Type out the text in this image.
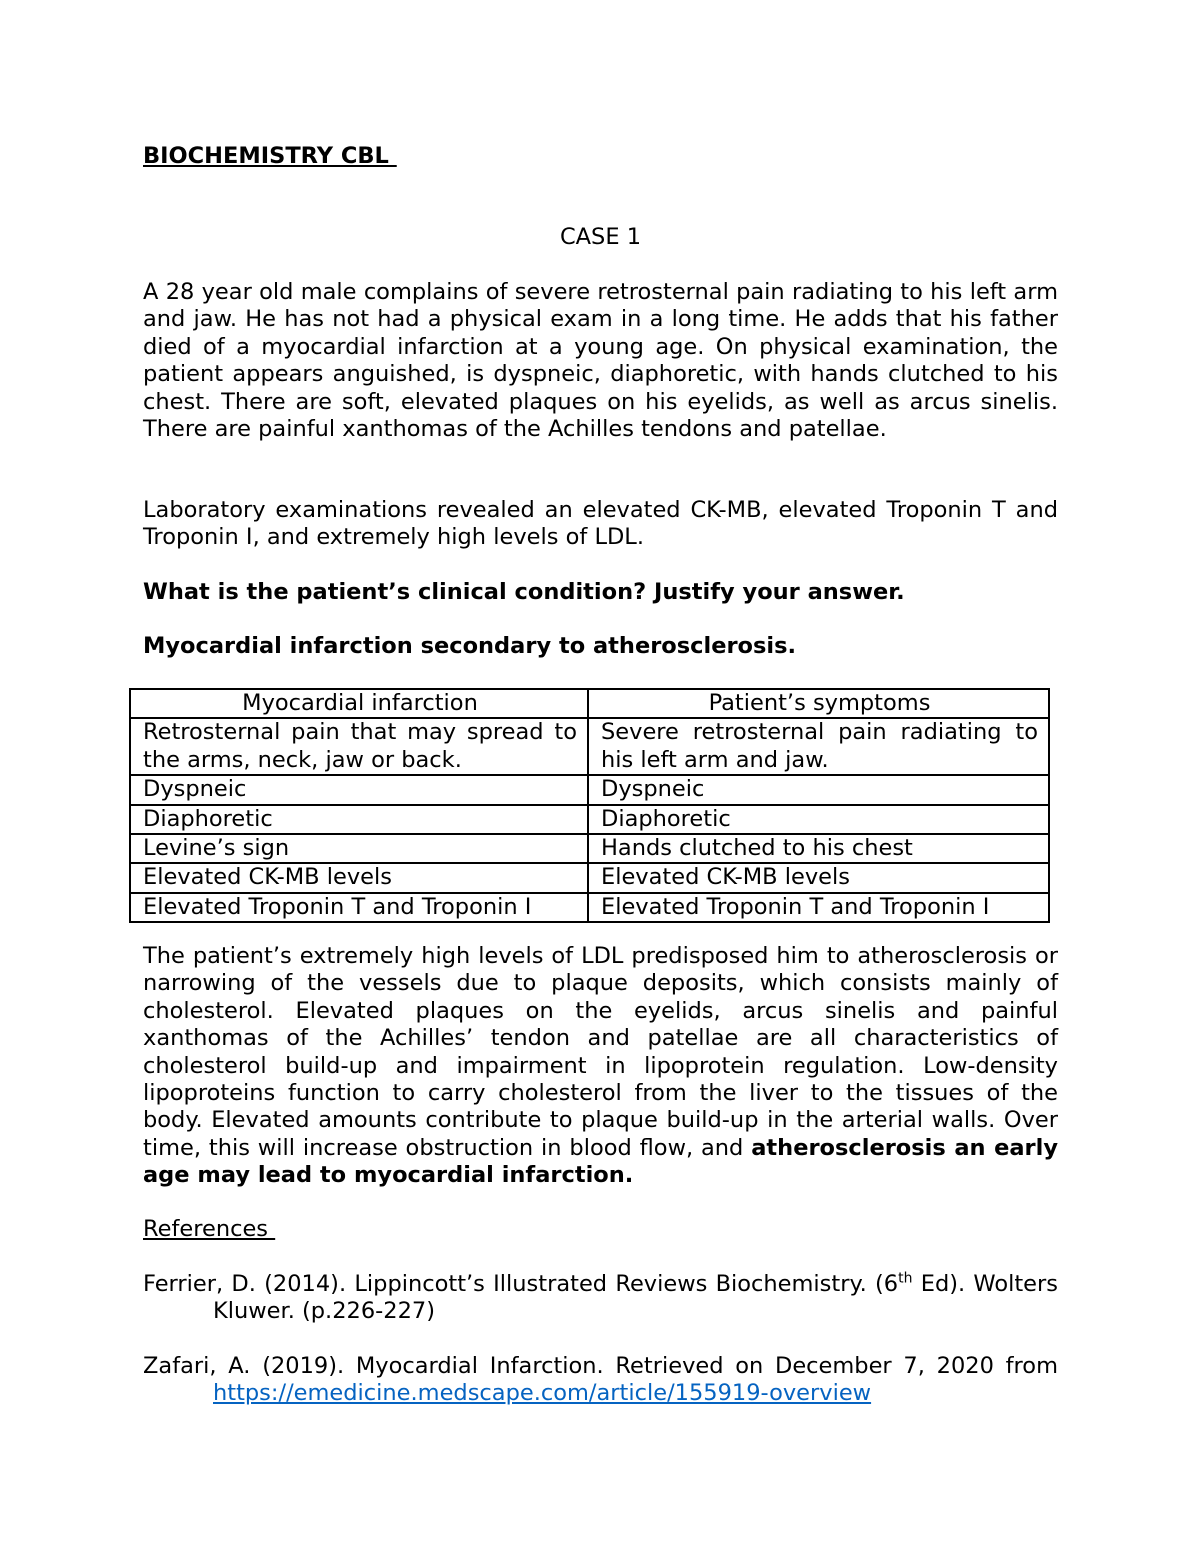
BIOCHEMISTRY CBL
CASE 1
A 28 year old male complains of severe retrosternal pain radiating to his left arm and jaw. He has not had a physical exam in a long time. He adds that his father died of a myocardial infarction at a young age. On physical examination, the patient appears anguished, is dyspneic, diaphoretic, with hands clutched to his chest. There are soft, elevated plaques on his eyelids, as well as arcus sinelis. There are painful xanthomas of the Achilles tendons and patellae.
Laboratory examinations revealed an elevated CK-MB, elevated Troponin T and Troponin I, and extremely high levels of LDL.
What is the patient’s clinical condition? Justify your answer.
Myocardial infarction secondary to atherosclerosis.
Myocardial infarction	Patient’s symptoms
Retrosternal pain that may spread to the arms, neck, jaw or back.	Severe retrosternal pain radiating to his left arm and jaw.
Dyspneic	Dyspneic
Diaphoretic	Diaphoretic
Levine’s sign	Hands clutched to his chest
Elevated CK-MB levels	Elevated CK-MB levels
Elevated Troponin T and Troponin I	Elevated Troponin T and Troponin I
The patient’s extremely high levels of LDL predisposed him to atherosclerosis or narrowing of the vessels due to plaque deposits, which consists mainly of cholesterol. Elevated plaques on the eyelids, arcus sinelis and painful xanthomas of the Achilles’ tendon and patellae are all characteristics of cholesterol build-up and impairment in lipoprotein regulation. Low-density lipoproteins function to carry cholesterol from the liver to the tissues of the body. Elevated amounts contribute to plaque build-up in the arterial walls. Over time, this will increase obstruction in blood flow, and atherosclerosis an early age may lead to myocardial infarction.
References
Ferrier, D. (2014). Lippincott’s Illustrated Reviews Biochemistry. (6th Ed). Wolters Kluwer. (p.226-227)
Zafari, A. (2019). Myocardial Infarction. Retrieved on December 7, 2020 from https://emedicine.medscape.com/article/155919-overview
